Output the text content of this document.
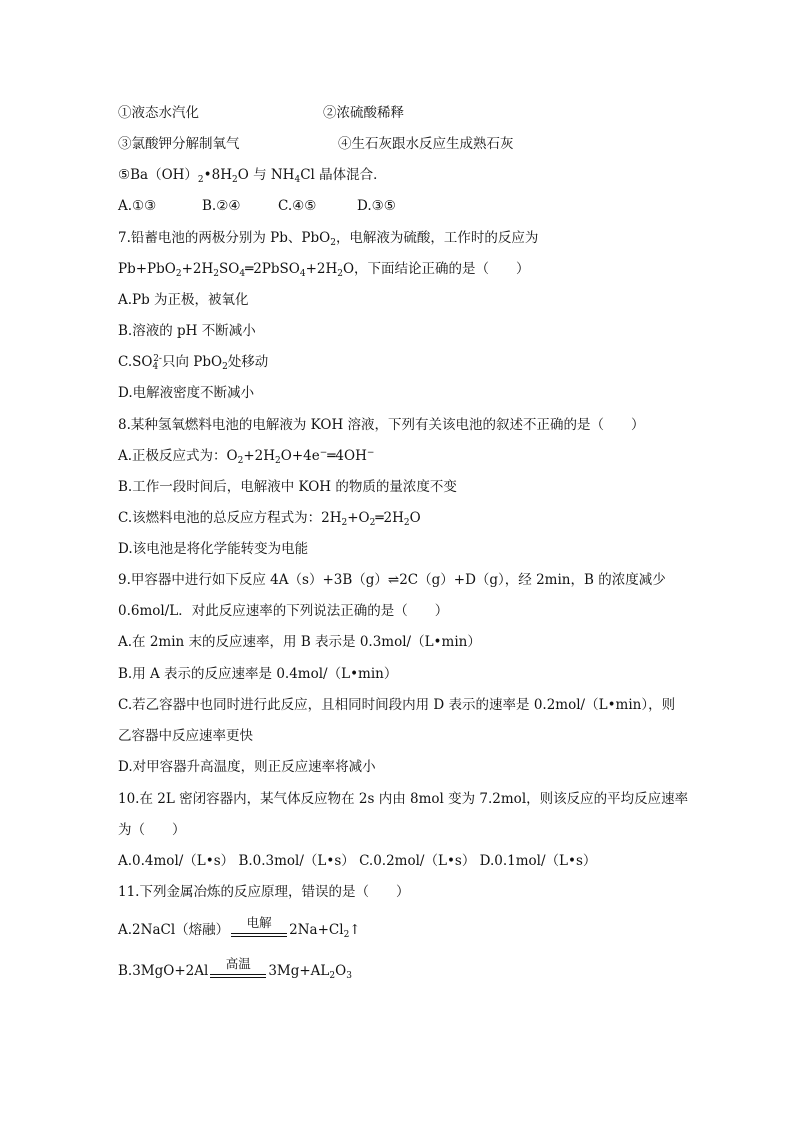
①液态水汽化	②浓硫酸稀释
③氯酸钾分解制氧气	④生石灰跟水反应生成熟石灰
$⑤Ba(OH)_2•8H_2O$ 与 $NH_4Cl$ 晶体混合．
A.①③	B.②④	C.④⑤	D.③⑤
7.铅蓄电池的两极分别为 Pb、PbO$_2$，电解液为硫酸，工作时的反应为
$Pb+PbO_2+2H_2SO_4═2PbSO_4+2H_2O$，下面结论正确的是（　　）
A.Pb 为正极，被氧化
B.溶液的 pH 不断减小
$C.SO_4^{2-}$只向 PbO$_2$处移动
D.电解液密度不断减小
8.某种氢氧燃料电池的电解液为 KOH 溶液，下列有关该电池的叙述不正确的是（　　）
A.正极反应式为：$O_2+2H_2O+4e^-═4OH^-$
B.工作一段时间后，电解液中 KOH 的物质的量浓度不变
C.该燃料电池的总反应方程式为：$2H_2+O_2═2H_2O$
D.该电池是将化学能转变为电能
9.甲容器中进行如下反应 4A（s）+3B（g）⇌2C（g）+D（g），经 2min，B 的浓度减少
0.6mol/L．对此反应速率的下列说法正确的是（　　）
A.在 2min 末的反应速率，用 B 表示是 0.3mol/（L•min）
B.用 A 表示的反应速率是 0.4mol/（L•min）
C.若乙容器中也同时进行此反应，且相同时间段内用 D 表示的速率是 0.2mol/（L•min），则
乙容器中反应速率更快
D.对甲容器升高温度，则正反应速率将减小
10.在 2L 密闭容器内，某气体反应物在 2s 内由 8mol 变为 7.2mol，则该反应的平均反应速率
为（　　）
A.0.4mol/（L•s） B.0.3mol/（L•s） C.0.2mol/（L•s） D.0.1mol/（L•s）
11.下列金属冶炼的反应原理，错误的是（　　）
A.2NaCl（熔融）	电解	$2Na+Cl_2↑$
B.3MgO+2Al	高温	$3Mg+AL_2O_3$
